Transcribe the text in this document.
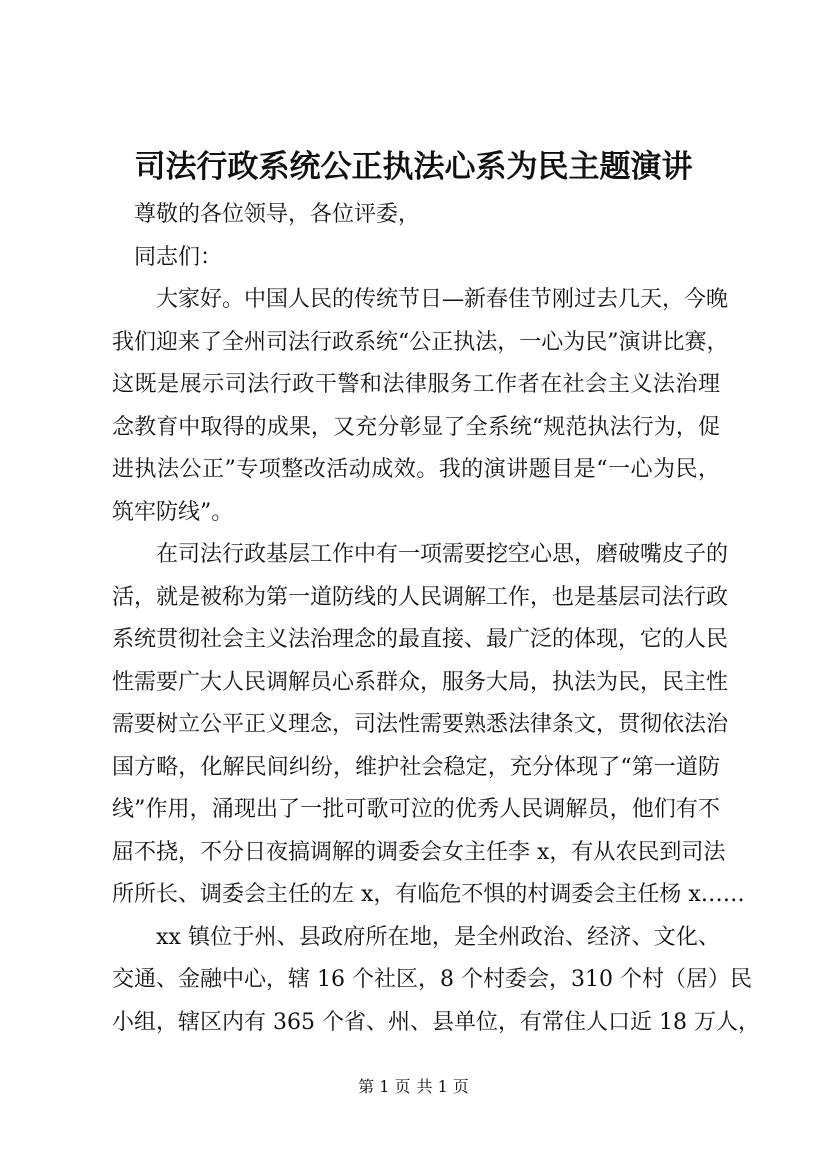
司法行政系统公正执法心系为民主题演讲
尊敬的各位领导，各位评委，
同志们：
大家好。中国人民的传统节日—新春佳节刚过去几天，今晚
我们迎来了全州司法行政系统“公正执法，一心为民”演讲比赛，
这既是展示司法行政干警和法律服务工作者在社会主义法治理
念教育中取得的成果，又充分彰显了全系统“规范执法行为，促
进执法公正”专项整改活动成效。我的演讲题目是“一心为民，
筑牢防线”。
在司法行政基层工作中有一项需要挖空心思，磨破嘴皮子的
活，就是被称为第一道防线的人民调解工作，也是基层司法行政
系统贯彻社会主义法治理念的最直接、最广泛的体现，它的人民
性需要广大人民调解员心系群众，服务大局，执法为民，民主性
需要树立公平正义理念，司法性需要熟悉法律条文，贯彻依法治
国方略，化解民间纠纷，维护社会稳定，充分体现了“第一道防
线”作用，涌现出了一批可歌可泣的优秀人民调解员，他们有不
屈不挠，不分日夜搞调解的调委会女主任李 x，有从农民到司法
所所长、调委会主任的左 x，有临危不惧的村调委会主任杨 x……
xx 镇位于州、县政府所在地，是全州政治、经济、文化、
交通、金融中心，辖 16 个社区，8 个村委会，310 个村（居）民
小组，辖区内有 365 个省、州、县单位，有常住人口近 18 万人，
第 1 页 共 1 页
